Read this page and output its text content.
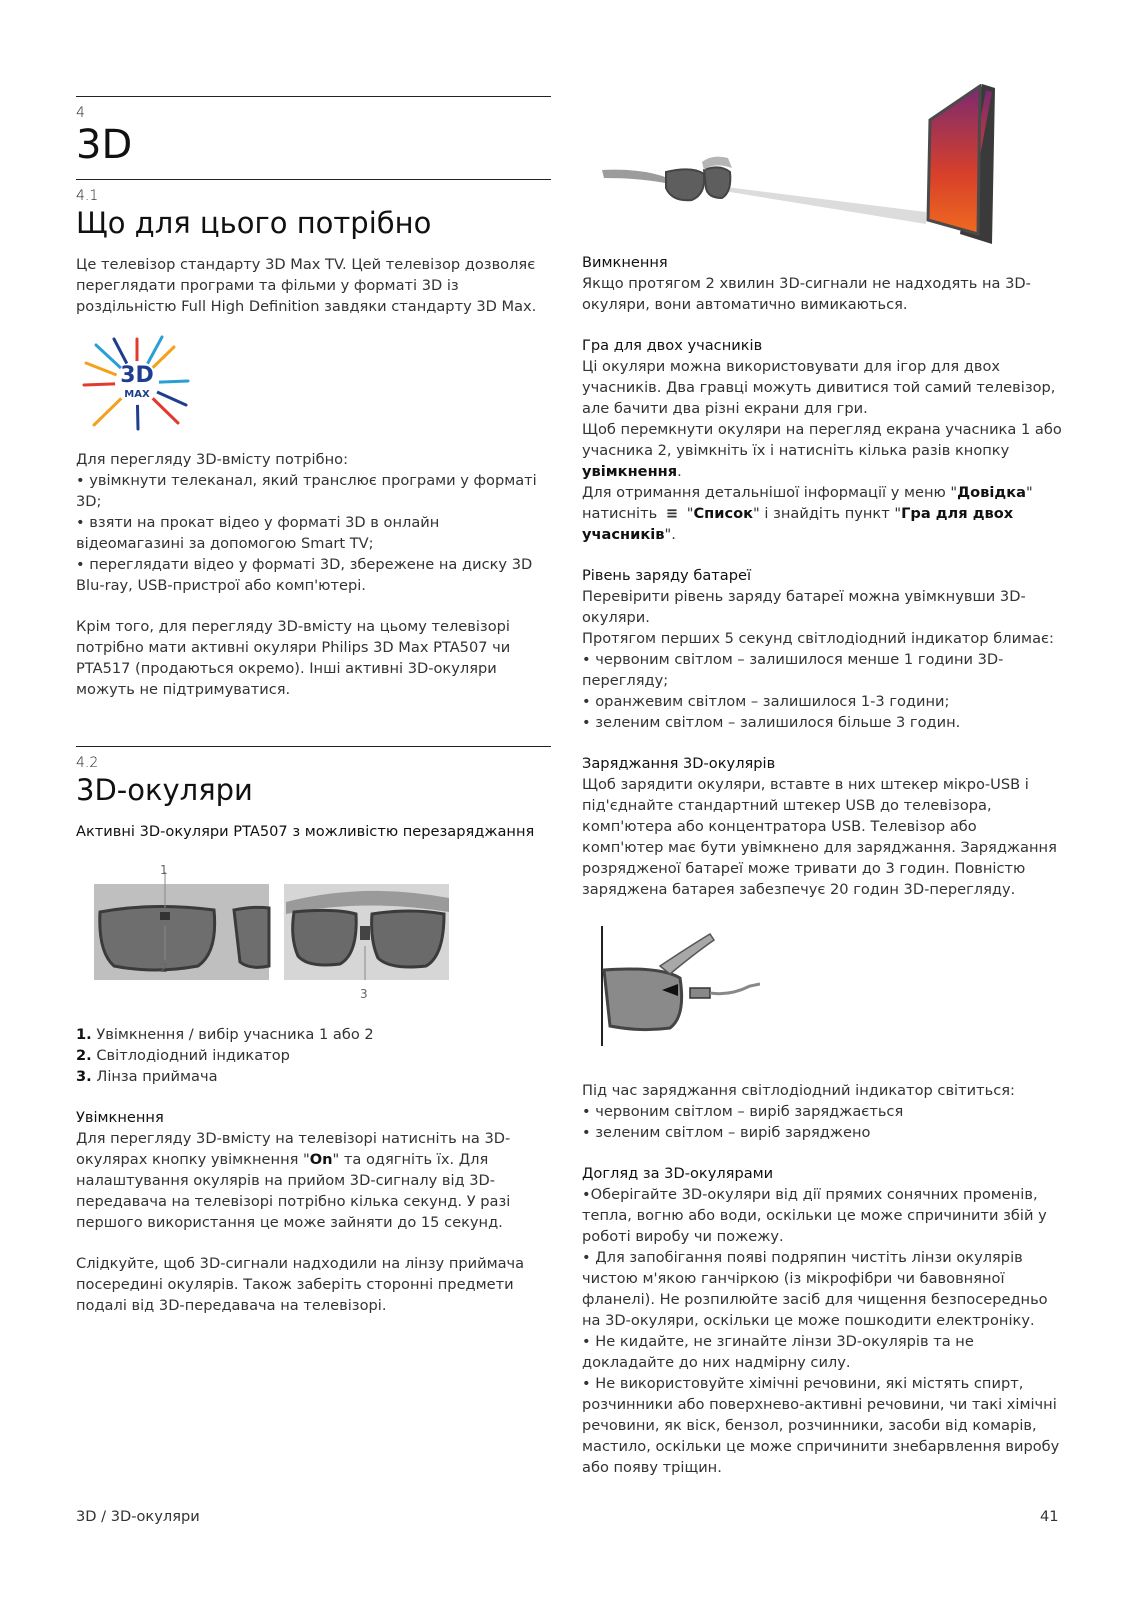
4
3D
4.1
Що для цього потрібно

Це телевізор стандарту 3D Max TV. Цей телевізор дозволяє переглядати програми та фільми у форматі 3D із роздільністю Full High Definition завдяки стандарту 3D Max.

3D
MAX

Для перегляду 3D-вмісту потрібно:

• увімкнути телеканал, який транслює програми у форматі 3D;

• взяти на прокат відео у форматі 3D в онлайн відеомагазині за допомогою Smart TV;

• переглядати відео у форматі 3D, збережене на диску 3D Blu-ray, USB-пристрої або комп'ютері.

Крім того, для перегляду 3D-вмісту на цьому телевізорі потрібно мати активні окуляри Philips 3D Max PTA507 чи PTA517 (продаються окремо). Інші активні 3D-окуляри можуть не підтримуватися.

4.2
3D-окуляри

Активні 3D-окуляри PTA507 з можливістю перезаряджання

1
2
3

1. Увімкнення / вибір учасника 1 або 2

2. Світлодіодний індикатор

3. Лінза приймача

Увімкнення

Для перегляду 3D-вмісту на телевізорі натисніть на 3D-окулярах кнопку увімкнення "On" та одягніть їх. Для налаштування окулярів на прийом 3D-сигналу від 3D-передавача на телевізорі потрібно кілька секунд. У разі першого використання це може зайняти до 15 секунд.

Слідкуйте, щоб 3D-сигнали надходили на лінзу приймача посередині окулярів. Також заберіть сторонні предмети подалі від 3D-передавача на телевізорі.

Вимкнення

Якщо протягом 2 хвилин 3D-сигнали не надходять на 3D-окуляри, вони автоматично вимикаються.

Гра для двох учасників

Ці окуляри можна використовувати для ігор для двох учасників. Два гравці можуть дивитися той самий телевізор, але бачити два різні екрани для гри.

Щоб перемкнути окуляри на перегляд екрана учасника 1 або учасника 2, увімкніть їх і натисніть кілька разів кнопку увімкнення.

Для отримання детальнішої інформації у меню "Довідка" натисніть ≡ "Список" і знайдіть пункт "Гра для двох учасників".

Рівень заряду батареї

Перевірити рівень заряду батареї можна увімкнувши 3D-окуляри.

Протягом перших 5 секунд світлодіодний індикатор блимає:

• червоним світлом – залишилося менше 1 години 3D-перегляду;

• оранжевим світлом – залишилося 1-3 години;

• зеленим світлом – залишилося більше 3 годин.

Заряджання 3D-окулярів

Щоб зарядити окуляри, вставте в них штекер мікро-USB і під'єднайте стандартний штекер USB до телевізора, комп'ютера або концентратора USB. Телевізор або комп'ютер має бути увімкнено для заряджання. Заряджання розрядженої батареї може тривати до 3 годин. Повністю заряджена батарея забезпечує 20 годин 3D-перегляду.

Під час заряджання світлодіодний індикатор світиться:

• червоним світлом – виріб заряджається

• зеленим світлом – виріб заряджено

Догляд за 3D-окулярами

•Оберігайте 3D-окуляри від дії прямих сонячних променів, тепла, вогню або води, оскільки це може спричинити збій у роботі виробу чи пожежу.

• Для запобігання появі подряпин чистіть лінзи окулярів чистою м'якою ганчіркою (із мікрофібри чи бавовняної фланелі). Не розпилюйте засіб для чищення безпосередньо на 3D-окуляри, оскільки це може пошкодити електроніку.

• Не кидайте, не згинайте лінзи 3D-окулярів та не докладайте до них надмірну силу.

• Не використовуйте хімічні речовини, які містять спирт, розчинники або поверхнево-активні речовини, чи такі хімічні речовини, як віск, бензол, розчинники, засоби від комарів, мастило, оскільки це може спричинити знебарвлення виробу або появу тріщин.

3D / 3D-окуляри	41
